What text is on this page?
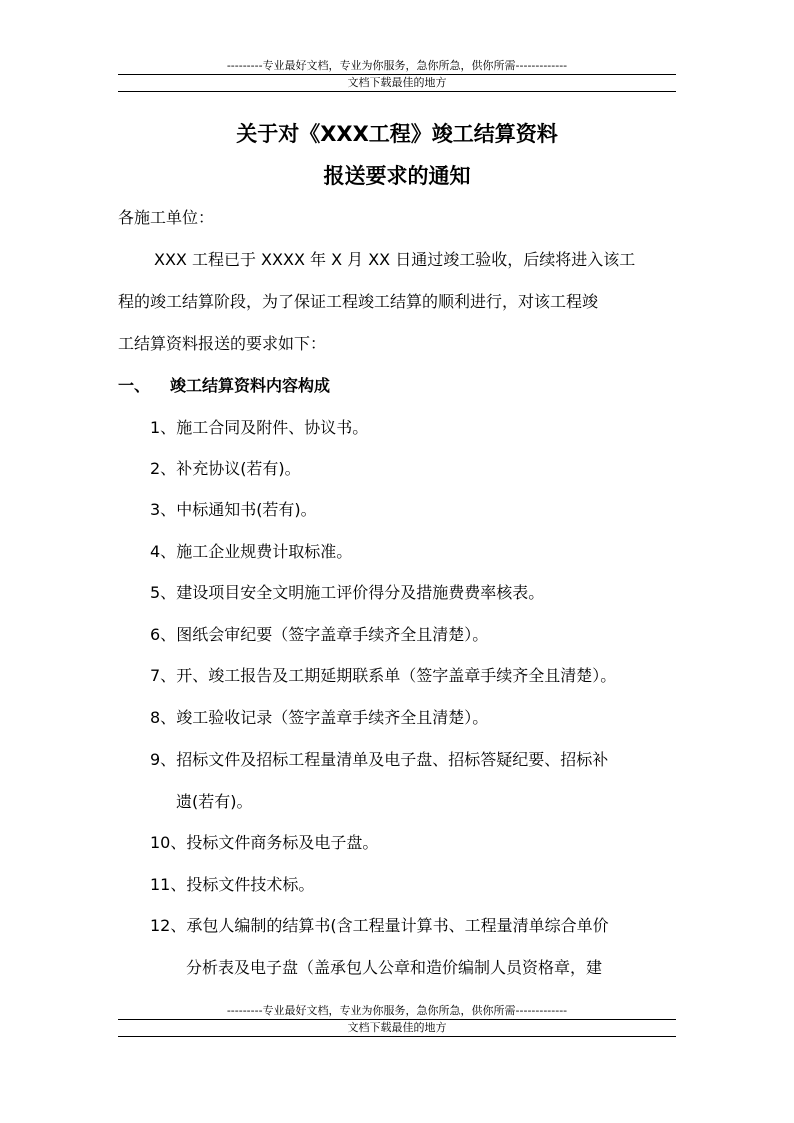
---------专业最好文档，专业为你服务，急你所急，供你所需-------------
文档下载最佳的地方
关于对《XXX工程》竣工结算资料
报送要求的通知
各施工单位：
XXX 工程已于 XXXX 年 X 月 XX 日通过竣工验收，后续将进入该工
程的竣工结算阶段，为了保证工程竣工结算的顺利进行，对该工程竣
工结算资料报送的要求如下：
一、 竣工结算资料内容构成
1、施工合同及附件、协议书。
2、补充协议(若有)。
3、中标通知书(若有)。
4、施工企业规费计取标准。
5、建设项目安全文明施工评价得分及措施费费率核表。
6、图纸会审纪要（签字盖章手续齐全且清楚）。
7、开、竣工报告及工期延期联系单（签字盖章手续齐全且清楚）。
8、竣工验收记录（签字盖章手续齐全且清楚）。
9、招标文件及招标工程量清单及电子盘、招标答疑纪要、招标补
遗(若有)。
10、投标文件商务标及电子盘。
11、投标文件技术标。
12、承包人编制的结算书(含工程量计算书、工程量清单综合单价
分析表及电子盘（盖承包人公章和造价编制人员资格章，建
---------专业最好文档，专业为你服务，急你所急，供你所需-------------
文档下载最佳的地方
